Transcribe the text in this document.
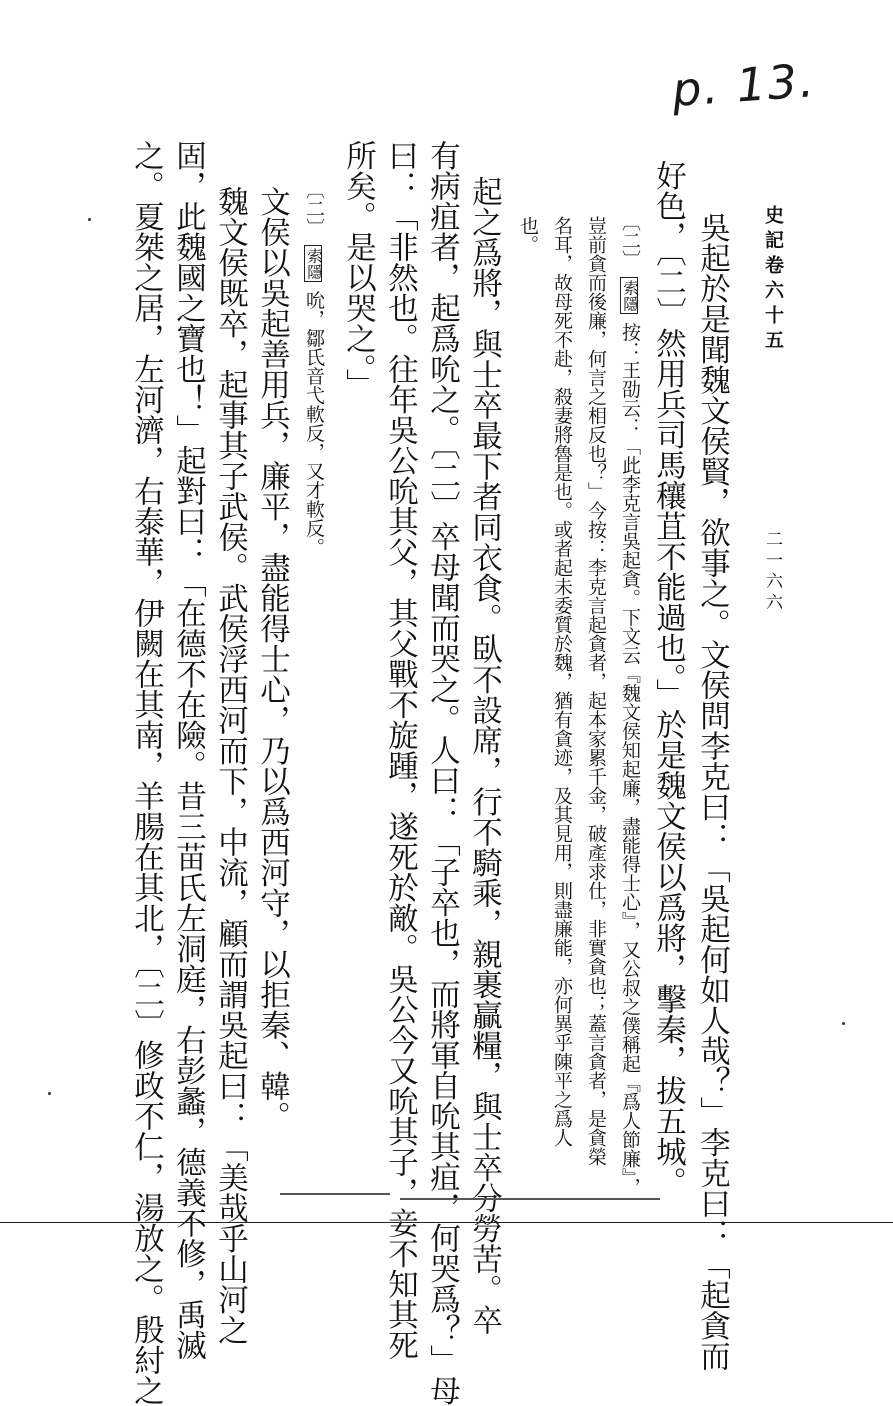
p. 13.
史記卷六十五
二一六六
吳起於是聞魏文侯賢，欲事之。文侯問李克曰：「吳起何如人哉？」李克曰：「起貪而
好色，〔二〕然用兵司馬穰苴不能過也。」於是魏文侯以爲將，擊秦，拔五城。
〔二〕 索隱 按：王劭云：「此李克言吳起貪。下文云『魏文侯知起廉，盡能得士心』，又公叔之僕稱起『爲人節廉』，
豈前貪而後廉，何言之相反也？」今按：李克言起貪者，起本家累千金，破產求仕，非實貪也；蓋言貪者，是貪榮
名耳，故母死不赴，殺妻將魯是也。或者起未委質於魏，猶有貪迹，及其見用，則盡廉能，亦何異乎陳平之爲人
也。
起之爲將，與士卒最下者同衣食。臥不設席，行不騎乘，親裹贏糧，與士卒分勞苦。卒
有病疽者，起爲吮之。〔二〕卒母聞而哭之。人曰：「子卒也，而將軍自吮其疽，何哭爲？」母
曰：「非然也。往年吳公吮其父，其父戰不旋踵，遂死於敵。吳公今又吮其子，妾不知其死
所矣。是以哭之。」
〔二〕 索隱 吮，鄒氏音弋軟反，又才軟反。
文侯以吳起善用兵，廉平，盡能得士心，乃以爲西河守，以拒秦、韓。
魏文侯既卒，起事其子武侯。武侯浮西河而下，中流，顧而謂吳起曰：「美哉乎山河之
固，此魏國之寶也！」起對曰：「在德不在險。昔三苗氏左洞庭，右彭蠡，德義不修，禹滅
之。夏桀之居，左河濟，右泰華，伊闕在其南，羊腸在其北，〔二〕修政不仁，湯放之。殷紂之
